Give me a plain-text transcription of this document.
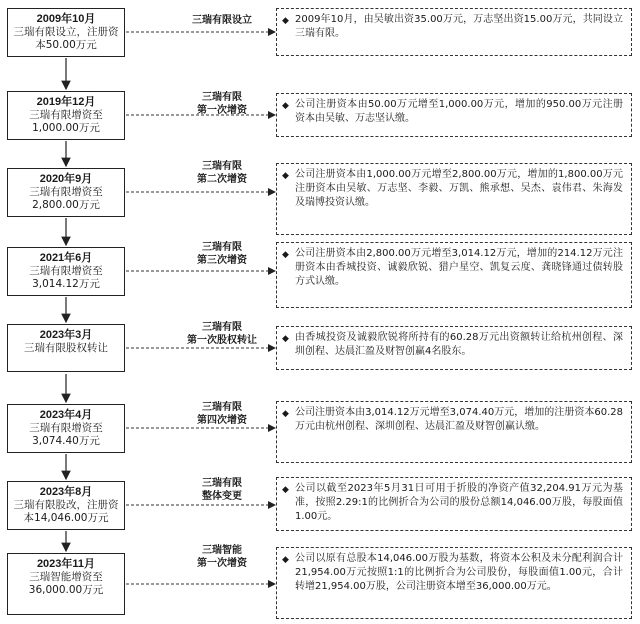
2009年10月
三瑞有限设立，注册资本50.00万元
三瑞有限设立	◆ 2009年10月，由吴敏出资35.00万元，万志坚出资15.00万元，共同设立三瑞有限。
2019年12月
三瑞有限增资至1,000.00万元
三瑞有限
第一次增资	◆ 公司注册资本由50.00万元增至1,000.00万元，增加的950.00万元注册资本由吴敏、万志坚认缴。
2020年9月
三瑞有限增资至2,800.00万元
三瑞有限
第二次增资	◆ 公司注册资本由1,000.00万元增至2,800.00万元，增加的1,800.00万元注册资本由吴敏、万志坚、李毅、万凯、熊承想、吴杰、袁伟君、朱海发及瑞博投资认缴。
2021年6月
三瑞有限增资至3,014.12万元
三瑞有限
第三次增资	◆ 公司注册资本由2,800.00万元增至3,014.12万元，增加的214.12万元注册资本由香城投资、诚毅欣锐、猎户星空、凯复云度、龚晓锋通过债转股方式认缴。
2023年3月
三瑞有限股权转让
三瑞有限
第一次股权转让	◆ 由香城投资及诚毅欣锐将所持有的60.28万元出资额转让给杭州创程、深圳创程、达晨汇盈及财智创赢4名股东。
2023年4月
三瑞有限增资至3,074.40万元
三瑞有限
第四次增资
◆ 公司注册资本由3,014.12万元增至3,074.40万元，增加的注册资本60.28万元由杭州创程、深圳创程、达晨汇盈及财智创赢认缴。
2023年8月
三瑞有限股改，注册资本14,046.00万元
三瑞有限
整体变更
◆ 公司以截至2023年5月31日可用于折股的净资产值32,204.91万元为基准，按照2.29:1的比例折合为公司的股份总额14,046.00万股，每股面值1.00元。
2023年11月
三瑞智能增资至36,000.00万元
三瑞智能
第一次增资	◆ 公司以原有总股本14,046.00万股为基数，将资本公积及未分配利润合计21,954.00万元按照1:1的比例折合为公司股份，每股面值1.00元，合计转增21,954.00万股，公司注册资本增至36,000.00万元。
